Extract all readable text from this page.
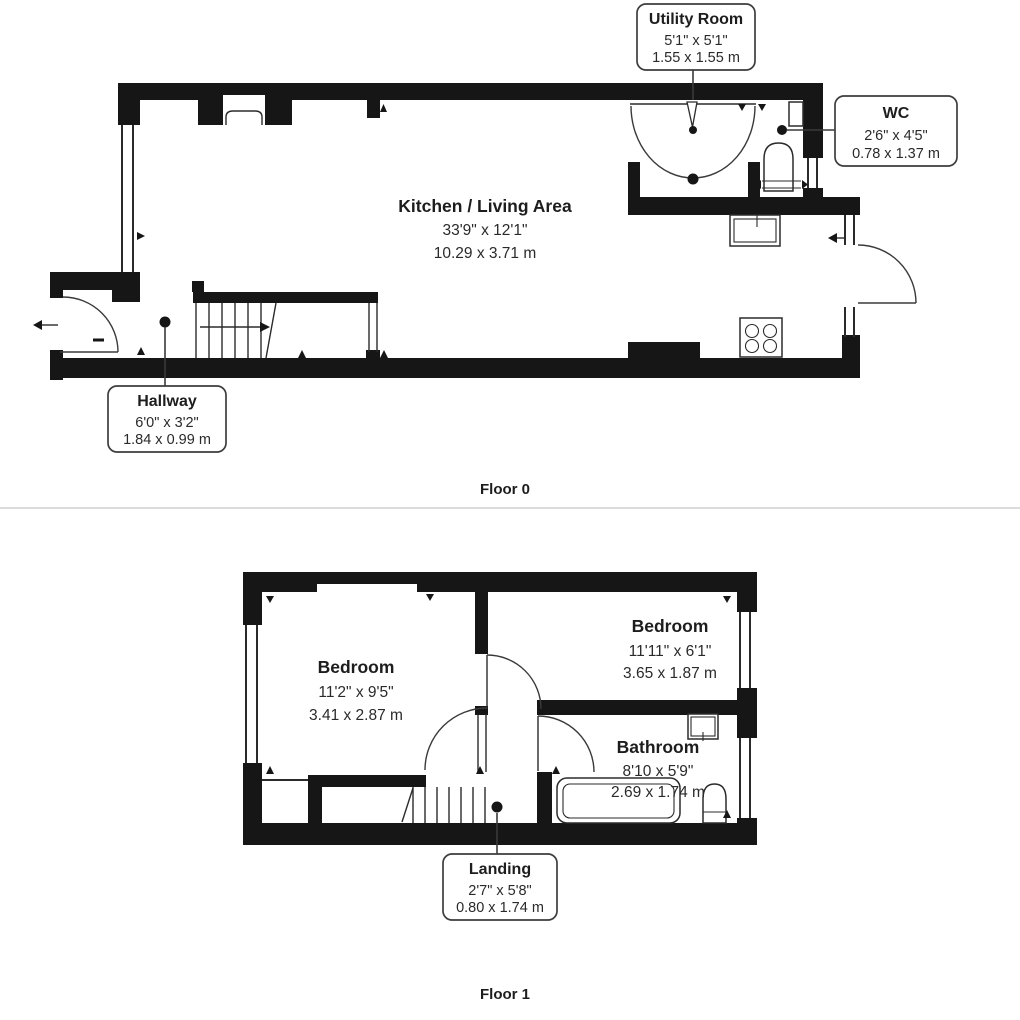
Kitchen / Living Area
33'9" x 12'1"
10.29 x 3.71 m
Utility Room
5'1" x 5'1"
1.55 x 1.55 m
WC
2'6" x 4'5"
0.78 x 1.37 m
Hallway
6'0" x 3'2"
1.84 x 0.99 m
Floor 0
Bedroom
11'2" x 9'5"
3.41 x 2.87 m
Bedroom
11'11" x 6'1"
3.65 x 1.87 m
Bathroom
8'10 x 5'9"
2.69 x 1.74 m
Landing
2'7" x 5'8"
0.80 x 1.74 m
Floor 1
